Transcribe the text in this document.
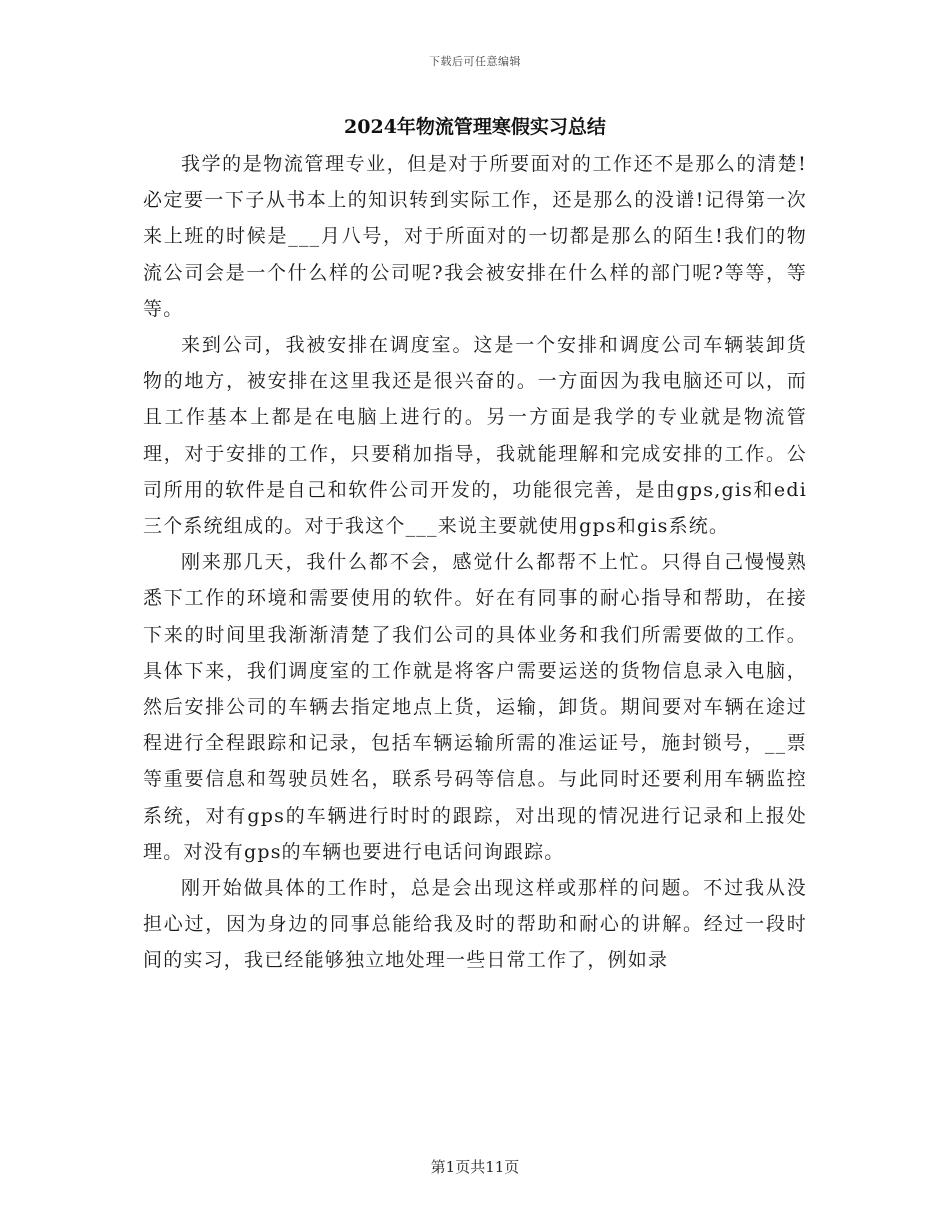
下载后可任意编辑
2024年物流管理寒假实习总结

我学的是物流管理专业，但是对于所要面对的工作还不是那么的清楚!必定要一下子从书本上的知识转到实际工作，还是那么的没谱!记得第一次来上班的时候是___月八号，对于所面对的一切都是那么的陌生!我们的物流公司会是一个什么样的公司呢?我会被安排在什么样的部门呢?等等，等等。

来到公司，我被安排在调度室。这是一个安排和调度公司车辆装卸货物的地方，被安排在这里我还是很兴奋的。一方面因为我电脑还可以，而且工作基本上都是在电脑上进行的。另一方面是我学的专业就是物流管理，对于安排的工作，只要稍加指导，我就能理解和完成安排的工作。公司所用的软件是自己和软件公司开发的，功能很完善，是由gps,gis和edi三个系统组成的。对于我这个___来说主要就使用gps和gis系统。

刚来那几天，我什么都不会，感觉什么都帮不上忙。只得自己慢慢熟悉下工作的环境和需要使用的软件。好在有同事的耐心指导和帮助，在接下来的时间里我渐渐清楚了我们公司的具体业务和我们所需要做的工作。具体下来，我们调度室的工作就是将客户需要运送的货物信息录入电脑，然后安排公司的车辆去指定地点上货，运输，卸货。期间要对车辆在途过程进行全程跟踪和记录，包括车辆运输所需的准运证号，施封锁号，__票等重要信息和驾驶员姓名，联系号码等信息。与此同时还要利用车辆监控系统，对有gps的车辆进行时时的跟踪，对出现的情况进行记录和上报处理。对没有gps的车辆也要进行电话问询跟踪。

刚开始做具体的工作时，总是会出现这样或那样的问题。不过我从没担心过，因为身边的同事总能给我及时的帮助和耐心的讲解。经过一段时间的实习，我已经能够独立地处理一些日常工作了，例如录

第1页共11页
